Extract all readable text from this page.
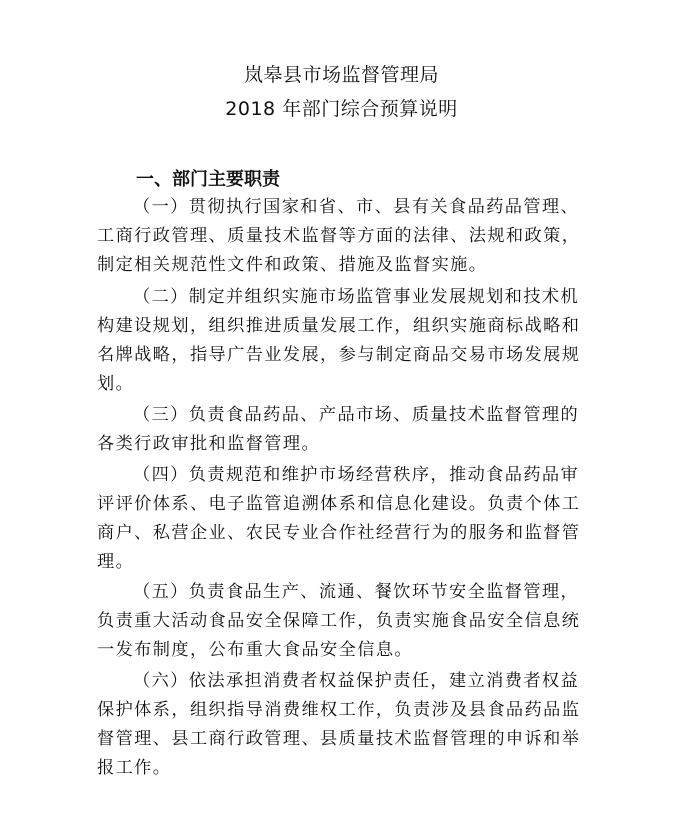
岚皋县市场监督管理局
2018 年部门综合预算说明
一、部门主要职责
（一）贯彻执行国家和省、市、县有关食品药品管理、
工商行政管理、质量技术监督等方面的法律、法规和政策，
制定相关规范性文件和政策、措施及监督实施。
（二）制定并组织实施市场监管事业发展规划和技术机
构建设规划，组织推进质量发展工作，组织实施商标战略和
名牌战略，指导广告业发展，参与制定商品交易市场发展规
划。
（三）负责食品药品、产品市场、质量技术监督管理的
各类行政审批和监督管理。
（四）负责规范和维护市场经营秩序，推动食品药品审
评评价体系、电子监管追溯体系和信息化建设。负责个体工
商户、私营企业、农民专业合作社经营行为的服务和监督管
理。
（五）负责食品生产、流通、餐饮环节安全监督管理，
负责重大活动食品安全保障工作，负责实施食品安全信息统
一发布制度，公布重大食品安全信息。
（六）依法承担消费者权益保护责任，建立消费者权益
保护体系，组织指导消费维权工作，负责涉及县食品药品监
督管理、县工商行政管理、县质量技术监督管理的申诉和举
报工作。
